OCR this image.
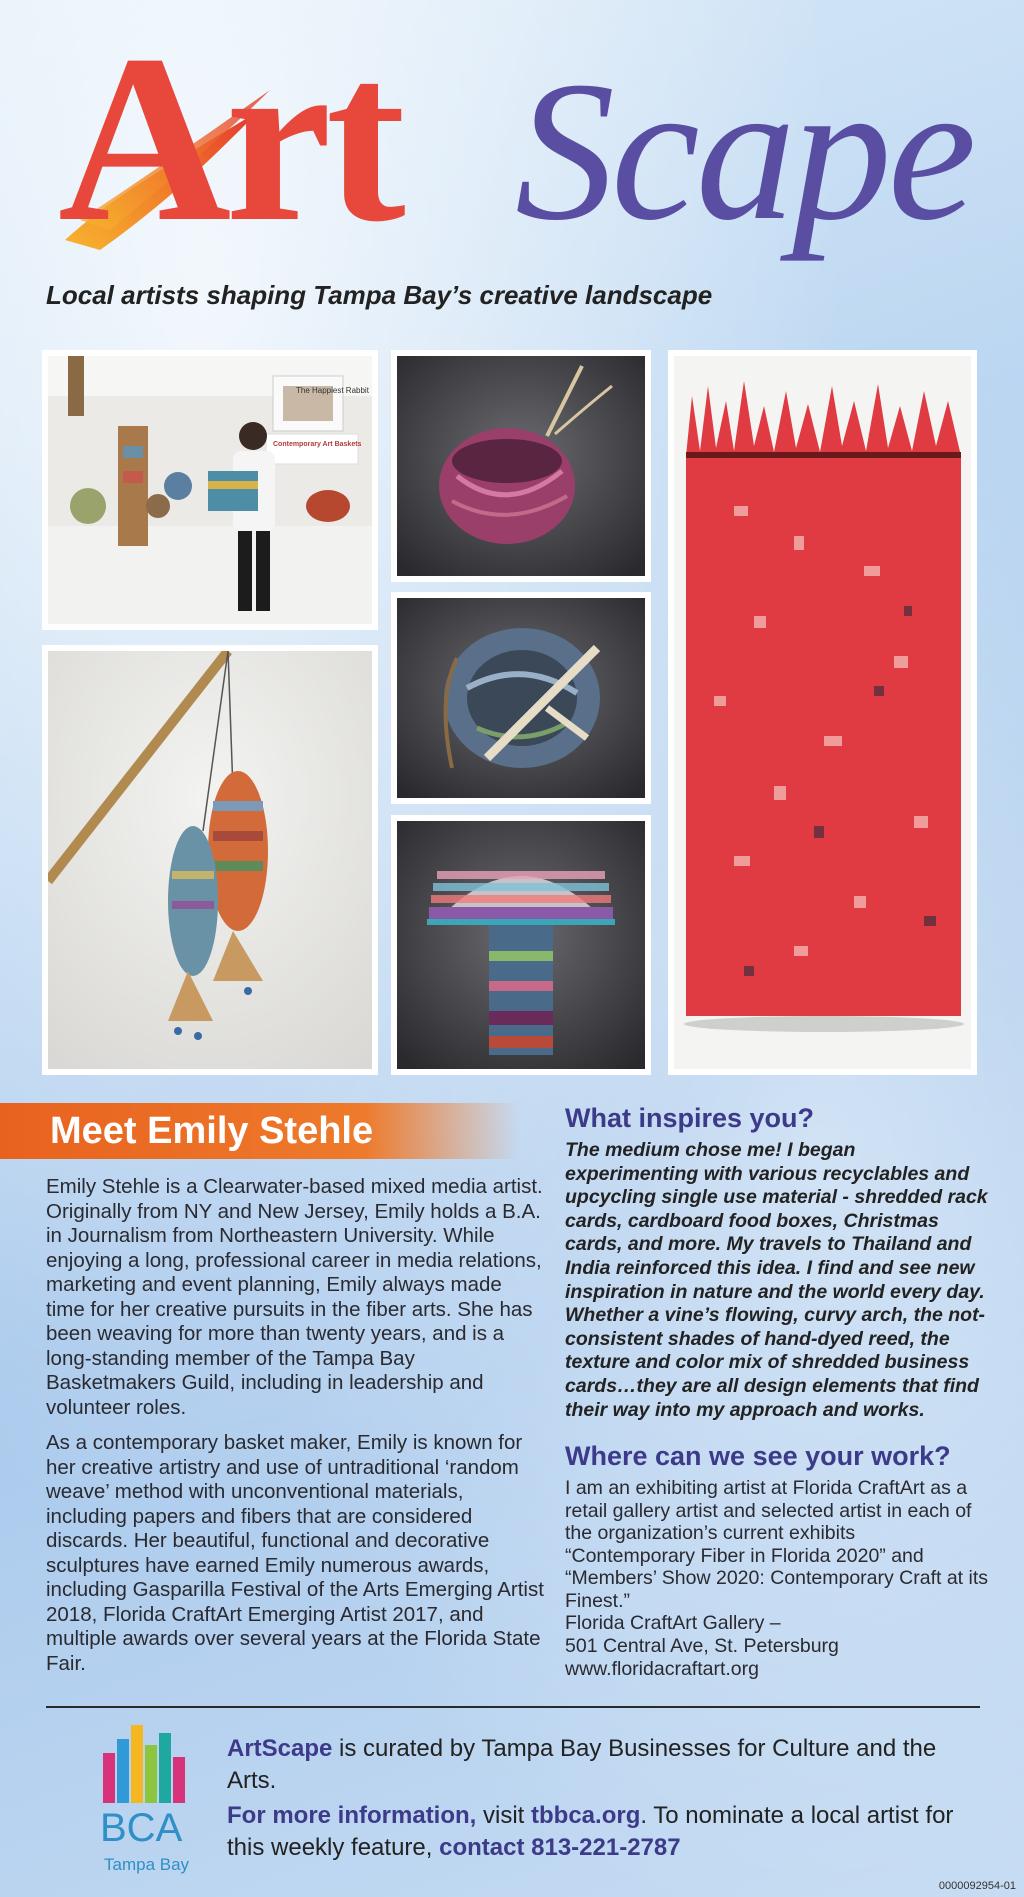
Art Scape
Local artists shaping Tampa Bay’s creative landscape
The Happiest Rabbit
Contemporary Art Baskets
Meet Emily Stehle
Emily Stehle is a Clearwater-based mixed media artist. Originally from NY and New Jersey, Emily holds a B.A. in Journalism from Northeastern University. While enjoying a long, professional career in media relations, marketing and event planning, Emily always made time for her creative pursuits in the fiber arts. She has been weaving for more than twenty years, and is a long-standing member of the Tampa Bay Basketmakers Guild, including in leadership and volunteer roles.
As a contemporary basket maker, Emily is known for her creative artistry and use of untraditional ‘random weave’ method with unconventional materials, including papers and fibers that are considered discards. Her beautiful, functional and decorative sculptures have earned Emily numerous awards, including Gasparilla Festival of the Arts Emerging Artist 2018, Florida CraftArt Emerging Artist 2017, and multiple awards over several years at the Florida State Fair.
What inspires you?
The medium chose me! I began experimenting with various recyclables and upcycling single use material - shredded rack cards, cardboard food boxes, Christmas cards, and more. My travels to Thailand and India reinforced this idea. I find and see new inspiration in nature and the world every day. Whether a vine’s flowing, curvy arch, the not-consistent shades of hand-dyed reed, the texture and color mix of shredded business cards…they are all design elements that find their way into my approach and works.
Where can we see your work?
I am an exhibiting artist at Florida CraftArt as a retail gallery artist and selected artist in each of the organization’s current exhibits “Contemporary Fiber in Florida 2020” and “Members’ Show 2020: Contemporary Craft at its Finest.”
Florida CraftArt Gallery –
501 Central Ave, St. Petersburg
www.floridacraftart.org
BCA
Tampa Bay
ArtScape is curated by Tampa Bay Businesses for Culture and the Arts.
For more information, visit tbbca.org. To nominate a local artist for this weekly feature, contact 813-221-2787
0000092954-01
